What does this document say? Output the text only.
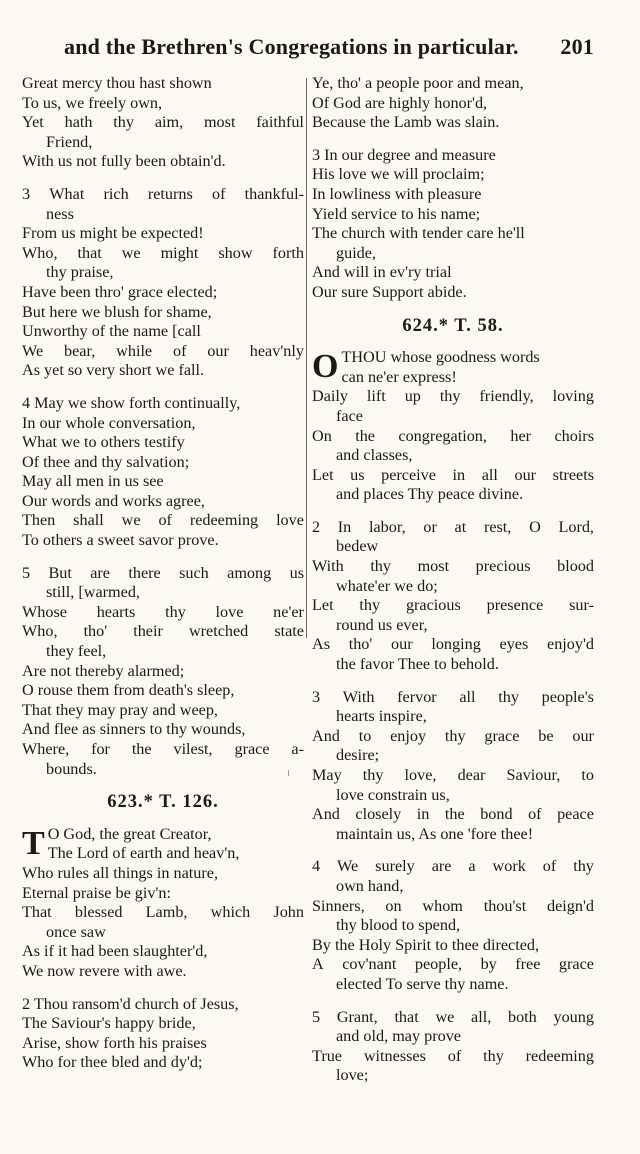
and the Brethren's Congregations in particular. 201
Great mercy thou hast shown
To us, we freely own,
Yet hath thy aim, most faithful
Friend,
With us not fully been obtain'd.
3 What rich returns of thankful-
ness
From us might be expected!
Who, that we might show forth
thy praise,
Have been thro' grace elected;
But here we blush for shame,
Unworthy of the name [call
We bear, while of our heav'nly
As yet so very short we fall.
4 May we show forth continually,
In our whole conversation,
What we to others testify
Of thee and thy salvation;
May all men in us see
Our words and works agree,
Then shall we of redeeming love
To others a sweet savor prove.
5 But are there such among us
still, [warmed,
Whose hearts thy love ne'er
Who, tho' their wretched state
they feel,
Are not thereby alarmed;
O rouse them from death's sleep,
That they may pray and weep,
And flee as sinners to thy wounds,
Where, for the vilest, grace a-
bounds.
623.* T. 126.
T O God, the great Creator,
The Lord of earth and heav'n,
Who rules all things in nature,
Eternal praise be giv'n:
That blessed Lamb, which John
once saw
As if it had been slaughter'd,
We now revere with awe.
2 Thou ransom'd church of Jesus,
The Saviour's happy bride,
Arise, show forth his praises
Who for thee bled and dy'd;
Ye, tho' a people poor and mean,
Of God are highly honor'd,
Because the Lamb was slain.
3 In our degree and measure
His love we will proclaim;
In lowliness with pleasure
Yield service to his name;
The church with tender care he'll
guide,
And will in ev'ry trial
Our sure Support abide.
624.* T. 58.
OTHOU whose goodness words
can ne'er express!
Daily lift up thy friendly, loving
face
On the congregation, her choirs
and classes,
Let us perceive in all our streets
and places Thy peace divine.
2 In labor, or at rest, O Lord,
bedew
With thy most precious blood
whate'er we do;
Let thy gracious presence sur-
round us ever,
As tho' our longing eyes enjoy'd
the favor Thee to behold.
3 With fervor all thy people's
hearts inspire,
And to enjoy thy grace be our
desire;
May thy love, dear Saviour, to
love constrain us,
And closely in the bond of peace
maintain us, As one 'fore thee!
4 We surely are a work of thy
own hand,
Sinners, on whom thou'st deign'd
thy blood to spend,
By the Holy Spirit to thee directed,
A cov'nant people, by free grace
elected To serve thy name.
5 Grant, that we all, both young
and old, may prove
True witnesses of thy redeeming
love;
